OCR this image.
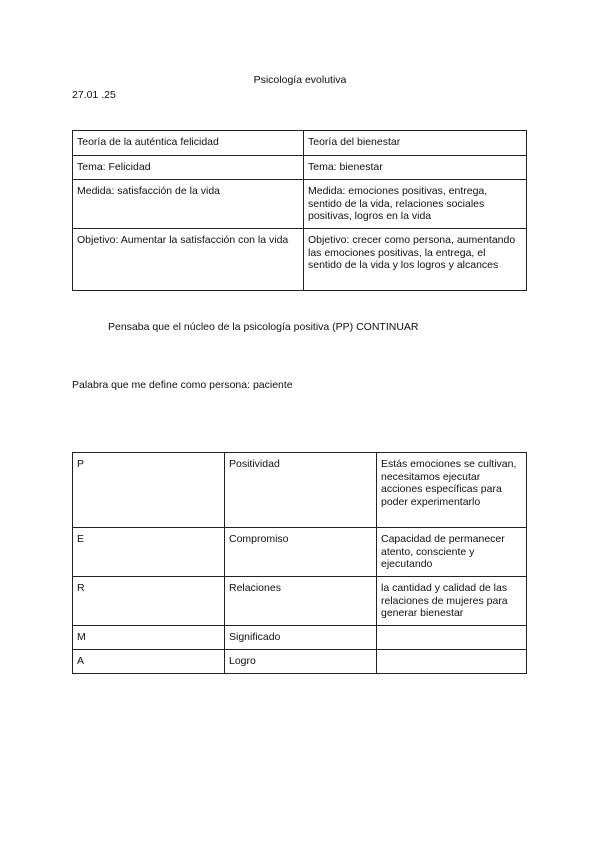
Psicología evolutiva
27.01 .25
Teoría de la auténtica felicidad	Teoría del bienestar
Tema: Felicidad	Tema: bienestar
Medida: satisfacción de la vida	Medida: emociones positivas, entrega, sentido de la vida, relaciones sociales positivas, logros en la vida
Objetivo: Aumentar la satisfacción con la vida	Objetivo: crecer como persona, aumentando las emociones positivas, la entrega, el sentido de la vida y los logros y alcances
Pensaba que el núcleo de la psicología positiva (PP) CONTINUAR
Palabra que me define como persona: paciente
P	Positividad	Estás emociones se cultivan, necesitamos ejecutar acciones específicas para poder experimentarlo
E	Compromiso	Capacidad de permanecer atento, consciente y ejecutando
R	Relaciones	la cantidad y calidad de las relaciones de mujeres para generar bienestar
M	Significado	
A	Logro	
